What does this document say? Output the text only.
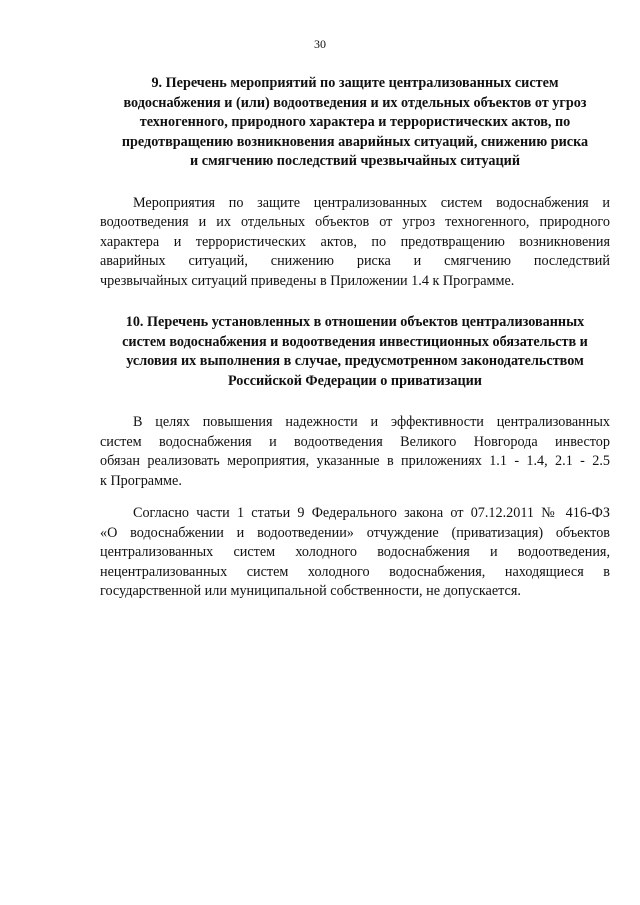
30
9. Перечень мероприятий по защите централизованных систем
водоснабжения и (или) водоотведения и их отдельных объектов от угроз
техногенного, природного характера и террористических актов, по
предотвращению возникновения аварийных ситуаций, снижению риска
и смягчению последствий чрезвычайных ситуаций
Мероприятия по защите централизованных систем водоснабжения и
водоотведения и их отдельных объектов от угроз техногенного, природного
характера и террористических актов, по предотвращению возникновения
аварийных ситуаций, снижению риска и смягчению последствий
чрезвычайных ситуаций приведены в Приложении 1.4 к Программе.
10. Перечень установленных в отношении объектов централизованных
систем водоснабжения и водоотведения инвестиционных обязательств и
условия их выполнения в случае, предусмотренном законодательством
Российской Федерации о приватизации
В целях повышения надежности и эффективности централизованных
систем водоснабжения и водоотведения Великого Новгорода инвестор
обязан реализовать мероприятия, указанные в приложениях 1.1 - 1.4, 2.1 - 2.5
к Программе.
Согласно части 1 статьи 9 Федерального закона от 07.12.2011 № 416-ФЗ
«О водоснабжении и водоотведении» отчуждение (приватизация) объектов
централизованных систем холодного водоснабжения и водоотведения,
нецентрализованных систем холодного водоснабжения, находящиеся в
государственной или муниципальной собственности, не допускается.
